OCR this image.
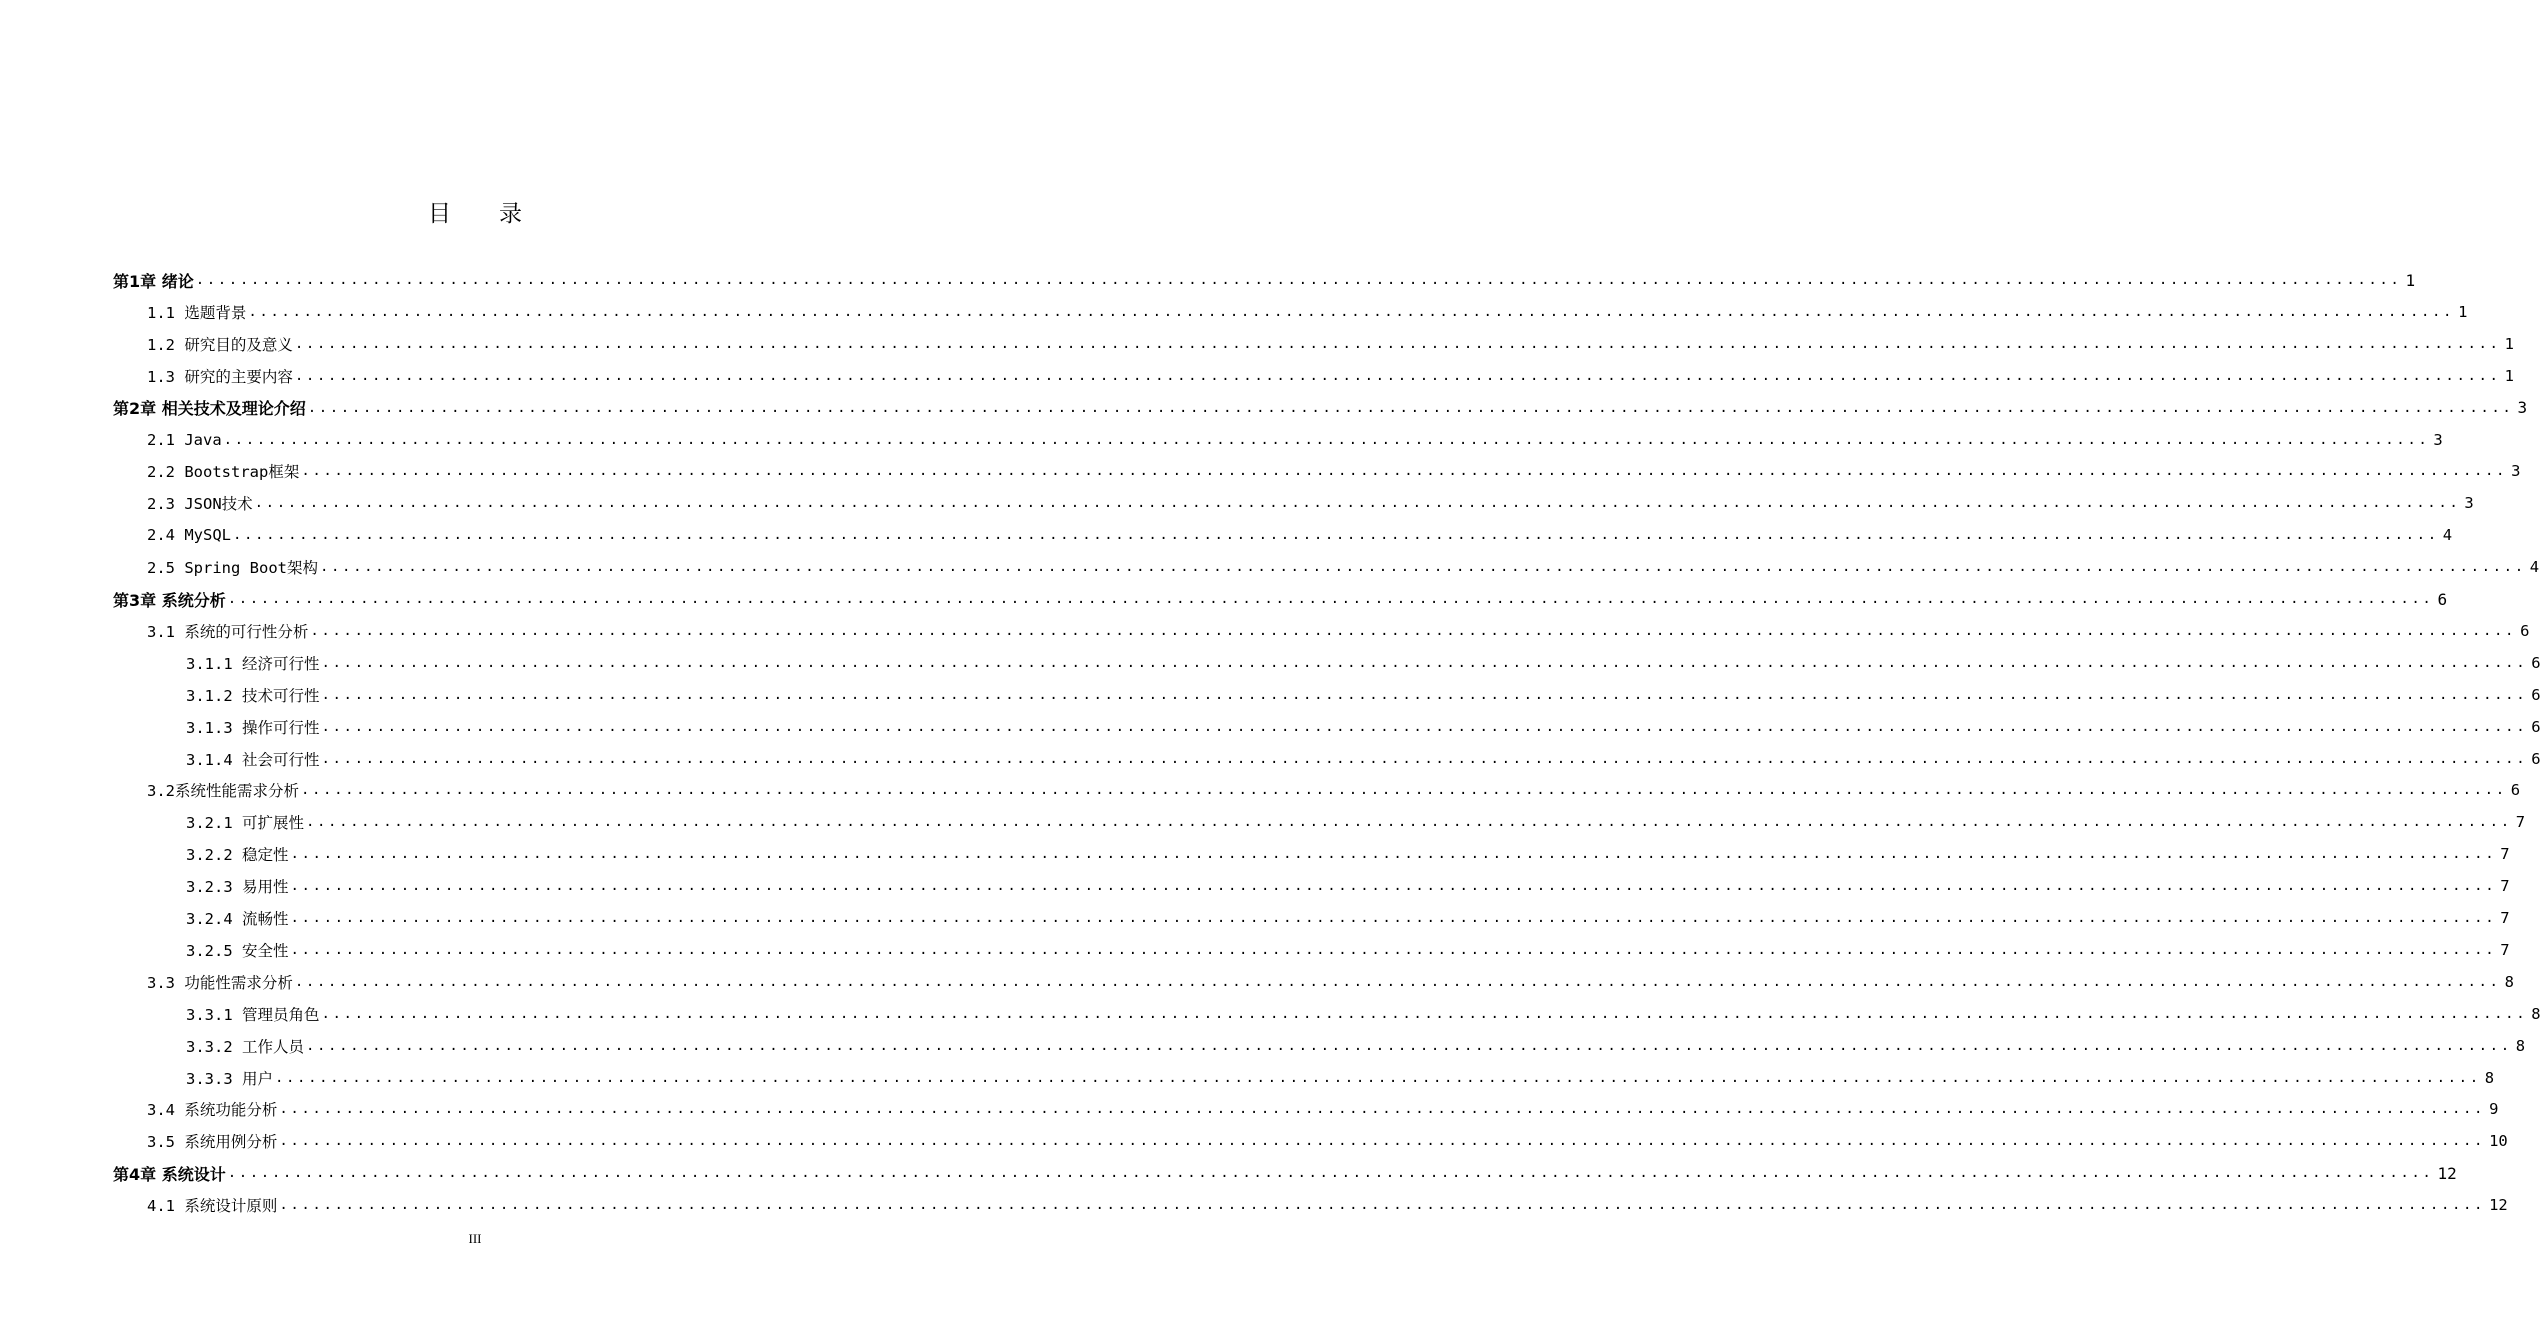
目录
第1章 绪论 ........................................................................................................................................................................................................ 1
1.1 选题背景 ........................................................................................................................................................................................................ 1
1.2 研究目的及意义 ........................................................................................................................................................................................................ 1
1.3 研究的主要内容 ........................................................................................................................................................................................................ 1
第2章 相关技术及理论介绍 ........................................................................................................................................................................................................ 3
2.1 Java ........................................................................................................................................................................................................ 3
2.2 Bootstrap框架 ........................................................................................................................................................................................................ 3
2.3 JSON技术 ........................................................................................................................................................................................................ 3
2.4 MySQL ........................................................................................................................................................................................................ 4
2.5 Spring Boot架构 ........................................................................................................................................................................................................ 4
第3章 系统分析 ........................................................................................................................................................................................................ 6
3.1 系统的可行性分析 ........................................................................................................................................................................................................ 6
3.1.1 经济可行性 ........................................................................................................................................................................................................ 6
3.1.2 技术可行性 ........................................................................................................................................................................................................ 6
3.1.3 操作可行性 ........................................................................................................................................................................................................ 6
3.1.4 社会可行性 ........................................................................................................................................................................................................ 6
3.2系统性能需求分析 ........................................................................................................................................................................................................ 6
3.2.1 可扩展性 ........................................................................................................................................................................................................ 7
3.2.2 稳定性 ........................................................................................................................................................................................................ 7
3.2.3 易用性 ........................................................................................................................................................................................................ 7
3.2.4 流畅性 ........................................................................................................................................................................................................ 7
3.2.5 安全性 ........................................................................................................................................................................................................ 7
3.3 功能性需求分析 ........................................................................................................................................................................................................ 8
3.3.1 管理员角色 ........................................................................................................................................................................................................ 8
3.3.2 工作人员 ........................................................................................................................................................................................................ 8
3.3.3 用户 ........................................................................................................................................................................................................ 8
3.4 系统功能分析 ........................................................................................................................................................................................................ 9
3.5 系统用例分析 ........................................................................................................................................................................................................ 10
第4章 系统设计 ........................................................................................................................................................................................................ 12
4.1 系统设计原则 ........................................................................................................................................................................................................ 12
III
